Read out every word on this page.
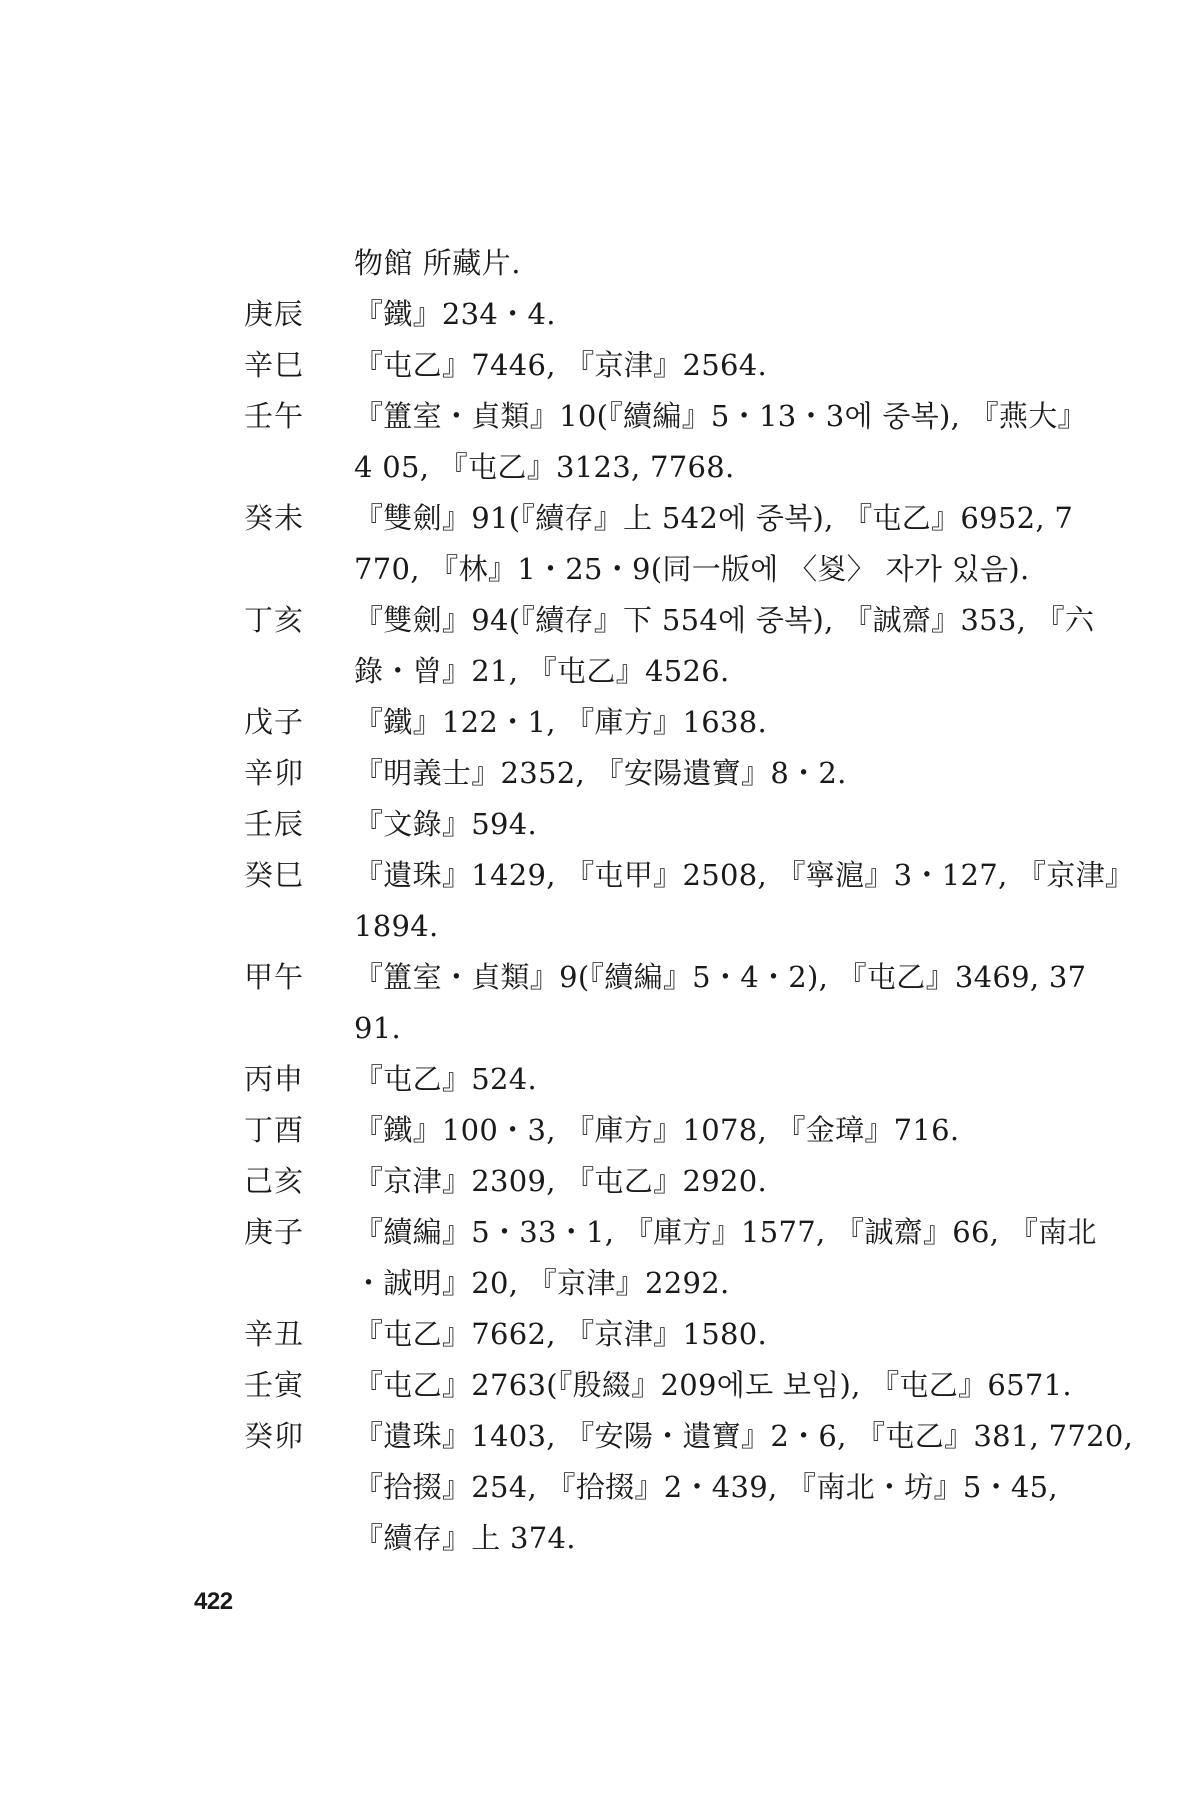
物館 所藏片.
庚辰	『鐵』234・4.
辛巳	『屯乙』7446, 『京津』2564.
壬午	『簠室・貞類』10(『續編』5・13・3에 중복), 『燕大』
4 05, 『屯乙』3123, 7768.
癸未	『雙劍』91(『續存』上 542에 중복), 『屯乙』6952, 7
770, 『林』1・25・9(同一版에 〈㚇〉 자가 있음).
丁亥	『雙劍』94(『續存』下 554에 중복), 『誠齋』353, 『六
錄・曾』21, 『屯乙』4526.
戊子	『鐵』122・1, 『庫方』1638.
辛卯	『明義士』2352, 『安陽遺寶』8・2.
壬辰	『文錄』594.
癸巳	『遺珠』1429, 『屯甲』2508, 『寧滬』3・127, 『京津』
1894.
甲午	『簠室・貞類』9(『續編』5・4・2), 『屯乙』3469, 37
91.
丙申	『屯乙』524.
丁酉	『鐵』100・3, 『庫方』1078, 『金璋』716.
己亥	『京津』2309, 『屯乙』2920.
庚子	『續編』5・33・1, 『庫方』1577, 『誠齋』66, 『南北
・誠明』20, 『京津』2292.
辛丑	『屯乙』7662, 『京津』1580.
壬寅	『屯乙』2763(『殷綴』209에도 보임), 『屯乙』6571.
癸卯	『遺珠』1403, 『安陽・遺寶』2・6, 『屯乙』381, 7720,
『拾掇』254, 『拾掇』2・439, 『南北・坊』5・45,
『續存』上 374.
422
